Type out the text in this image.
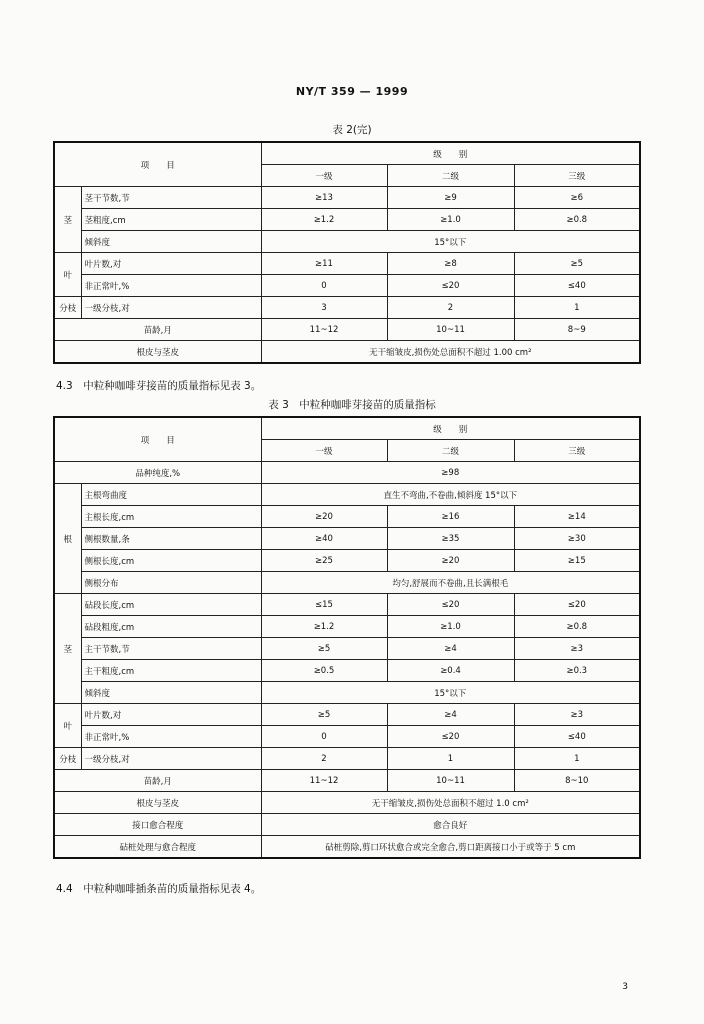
NY/T 359 — 1999
表 2(完)
项　　目		级　　别		
		一级	二级	三级
茎	茎干节数,节	≥13	≥9	≥6
	茎粗度,cm	≥1.2	≥1.0	≥0.8
	倾斜度	15°以下		
叶	叶片数,对	≥11	≥8	≥5
	非正常叶,%	0	≤20	≤40
分枝	一级分枝,对	3	2	1
苗龄,月		11~12	10~11	8~9
根皮与茎皮		无干缩皱皮,损伤处总面积不超过 1.00 cm²		
4.3　中粒种咖啡芽接苗的质量指标见表 3。
表 3　中粒种咖啡芽接苗的质量指标
项　　目		级　　别		
		一级	二级	三级
品种纯度,%		≥98		
根	主根弯曲度	直生不弯曲,不卷曲,倾斜度 15°以下		
	主根长度,cm	≥20	≥16	≥14
	侧根数量,条	≥40	≥35	≥30
	侧根长度,cm	≥25	≥20	≥15
	侧根分布	均匀,舒展而不卷曲,且长满根毛		
茎	砧段长度,cm	≤15	≤20	≤20
	砧段粗度,cm	≥1.2	≥1.0	≥0.8
	主干节数,节	≥5	≥4	≥3
	主干粗度,cm	≥0.5	≥0.4	≥0.3
	倾斜度	15°以下		
叶	叶片数,对	≥5	≥4	≥3
	非正常叶,%	0	≤20	≤40
分枝	一级分枝,对	2	1	1
苗龄,月		11~12	10~11	8~10
根皮与茎皮		无干缩皱皮,损伤处总面积不超过 1.0 cm²		
接口愈合程度		愈合良好		
砧桩处理与愈合程度		砧桩剪除,剪口环状愈合或完全愈合,剪口距离接口小于或等于 5 cm		
4.4　中粒种咖啡插条苗的质量指标见表 4。
3
